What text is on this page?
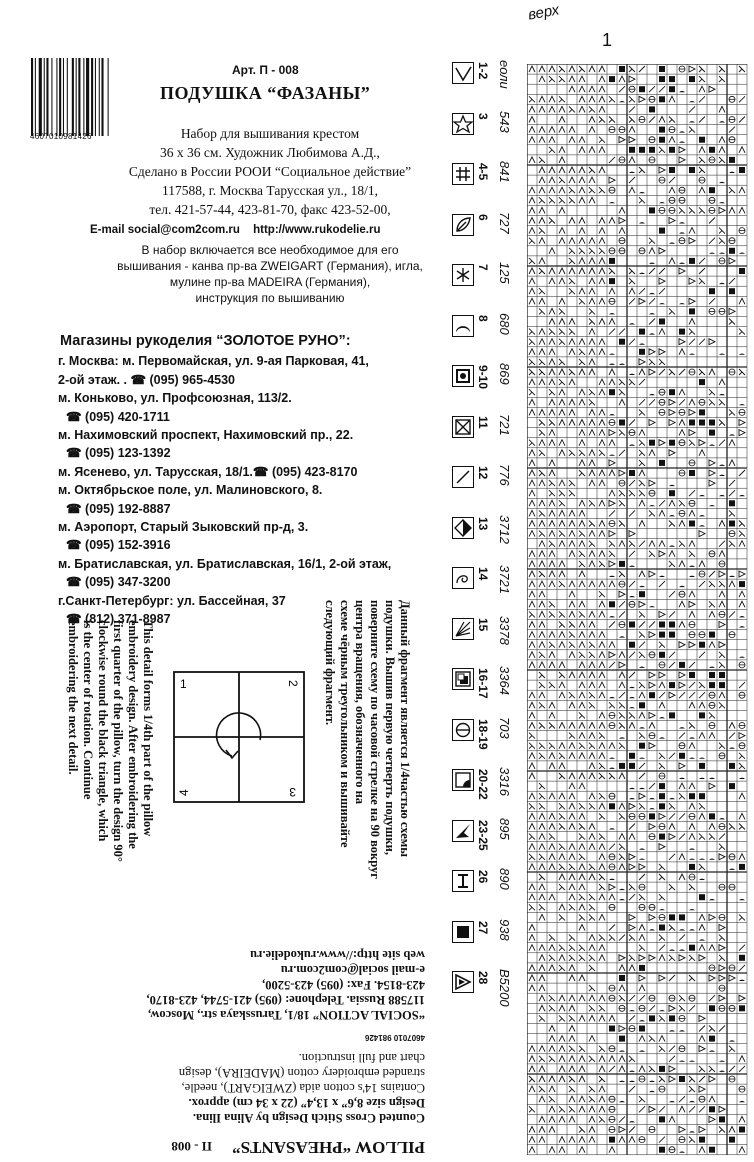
4607010981426
Арт. П - 008
ПОДУШКА “ФАЗАНЫ”
Набор для вышивания крестом
36 х 36 см. Художник Любимова А.Д.,
Сделано в России РООИ “Социальное действие”
117588, г. Москва Тарусская ул., 18/1,
тел. 421-57-44, 423-81-70, факс 423-52-00,
E-mail social@com2com.ru http://www.rukodelie.ru
В набор включается все необходимое для его
вышивания - канва пр-ва ZWEIGART (Германия), игла,
мулине пр-ва MADEIRA (Германия),
инструкция по вышиванию
Магазины рукоделия “ЗОЛОТОЕ РУНО”:
г. Москва: м. Первомайская, ул. 9-ая Парковая, 41,
2-ой этаж. . ☎ (095) 965-4530
м. Коньково, ул. Профсоюзная, 113/2.
☎ (095) 420-1711
м. Нахимовский проспект, Нахимовский пр., 22.
☎ (095) 123-1392
м. Ясенево, ул. Тарусская, 18/1.☎ (095) 423-8170
м. Октябрьское поле, ул. Малиновского, 8.
☎ (095) 192-8887
м. Аэропорт, Старый Зыковский пр-д, 3.
☎ (095) 152-3916
м. Братиславская, ул. Братиславская, 16/1, 2-ой этаж,
☎ (095) 347-3200
г.Санкт-Петербург: ул. Бассейная, 37
☎ (812) 371-8987
This detail forms 1/4th part of the pillow
embroidery design. After embroidering the
first quarter of the pillow, turn the design 90°
clockwise round the black triangle, which
is the center of rotation. Continue
embroidering the next detail.	1	2
3
4	Данный фрагмент является 1/4частью схемы
подушки. Вышив первую четверть подушки,
поверните схему по часовой стрелке на 90 вокруг
центра вращения, обозначенного на
схеме чёрным треугольником и вышивайте
следующий фрагмент.
PILLOW “PHEASANTS” П - 008
Counted Cross Stitch Design by Alina Ilina.
Design size 8,6” x 13,4” (22 x 34 cm) approx.
Contains 14's cotton aida (ZWEIGART), needle,
stranded embroidery cotton (MADEIRA), design
chart and full instruction.
4607010 981426
“SOCIAL ACTION” 18/1, Tarusskaya str., Moscow,
117588 Russia. Telephone: (095) 421-5744, 423-8170,
423-8154. Fax: (095) 423-5200,
e-mail social@com2com.ru
web site http://www.rukodelie.ru
верх
1
1-2 еоли
3 543
4-5 841
6 727
7 125
8 680
9-10 869
11 721
12 776
13 3712
14 3721
15 3378
16-17 3364
18-19 703
20-22 3316
23-25 895
26 890
27 938
28 B5200
